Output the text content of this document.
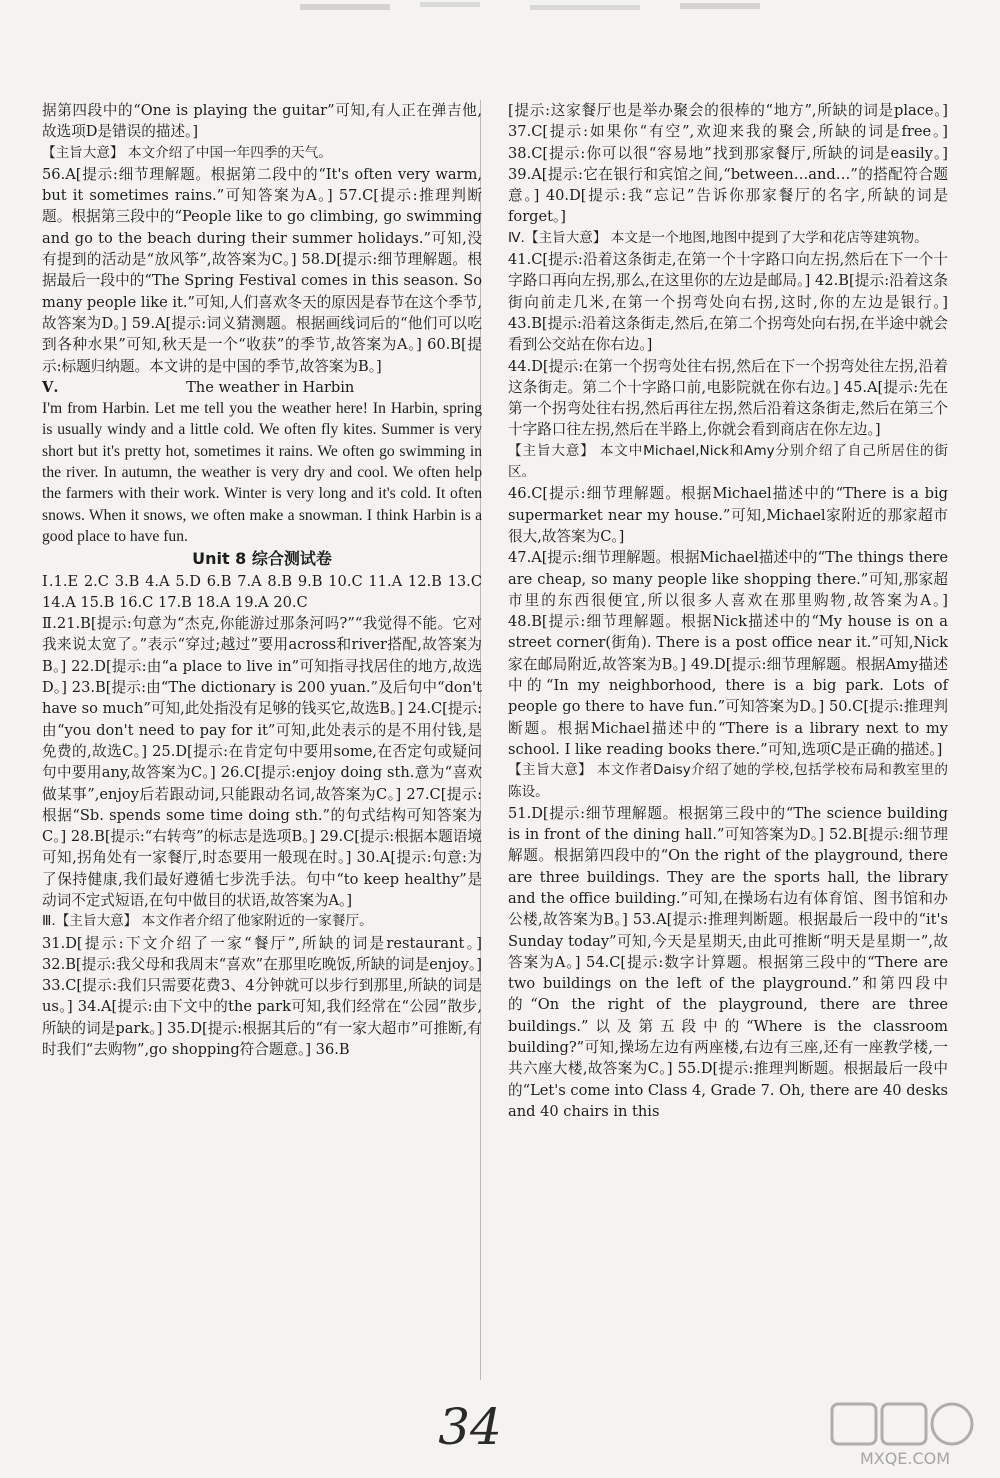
据第四段中的“One is playing the guitar”可知,有人正在弹吉他,故选项D是错误的描述。]

【主旨大意】 本文介绍了中国一年四季的天气。

56.A[提示:细节理解题。根据第二段中的“It's often very warm, but it sometimes rains.”可知答案为A。] 57.C[提示:推理判断题。根据第三段中的“People like to go climbing, go swimming and go to the beach during their summer holidays.”可知,没有提到的活动是“放风筝”,故答案为C。] 58.D[提示:细节理解题。根据最后一段中的“The Spring Festival comes in this season. So many people like it.”可知,人们喜欢冬天的原因是春节在这个季节,故答案为D。] 59.A[提示:词义猜测题。根据画线词后的“他们可以吃到各种水果”可知,秋天是一个“收获”的季节,故答案为A。] 60.B[提示:标题归纳题。本文讲的是中国的季节,故答案为B。]

Ⅴ.	The weather in Harbin

I'm from Harbin. Let me tell you the weather here! In Harbin, spring is usually windy and a little cold. We often fly kites. Summer is very short but it's pretty hot, sometimes it rains. We often go swimming in the river. In autumn, the weather is very dry and cool. We often help the farmers with their work. Winter is very long and it's cold. It often snows. When it snows, we often make a snowman. I think Harbin is a good place to have fun.

Unit 8 综合测试卷

Ⅰ.1.E 2.C 3.B 4.A 5.D 6.B 7.A 8.B 9.B 10.C 11.A 12.B 13.C 14.A 15.B 16.C 17.B 18.A 19.A 20.C

Ⅱ.21.B[提示:句意为“杰克,你能游过那条河吗?”“我觉得不能。它对我来说太宽了。”表示“穿过;越过”要用across和river搭配,故答案为B。] 22.D[提示:由“a place to live in”可知指寻找居住的地方,故选D。] 23.B[提示:由“The dictionary is 200 yuan.”及后句中“don't have so much”可知,此处指没有足够的钱买它,故选B。] 24.C[提示:由“you don't need to pay for it”可知,此处表示的是不用付钱,是免费的,故选C。] 25.D[提示:在肯定句中要用some,在否定句或疑问句中要用any,故答案为C。] 26.C[提示:enjoy doing sth.意为“喜欢做某事”,enjoy后若跟动词,只能跟动名词,故答案为C。] 27.C[提示:根据“Sb. spends some time doing sth.”的句式结构可知答案为C。] 28.B[提示:“右转弯”的标志是选项B。] 29.C[提示:根据本题语境可知,拐角处有一家餐厅,时态要用一般现在时。] 30.A[提示:句意:为了保持健康,我们最好遵循七步洗手法。句中“to keep healthy”是动词不定式短语,在句中做目的状语,故答案为A。]

Ⅲ.【主旨大意】 本文作者介绍了他家附近的一家餐厅。

31.D[提示:下文介绍了一家“餐厅”,所缺的词是restaurant。] 32.B[提示:我父母和我周末“喜欢”在那里吃晚饭,所缺的词是enjoy。] 33.C[提示:我们只需要花费3、4分钟就可以步行到那里,所缺的词是us。] 34.A[提示:由下文中的the park可知,我们经常在“公园”散步,所缺的词是park。] 35.D[提示:根据其后的“有一家大超市”可推断,有时我们“去购物”,go shopping符合题意。] 36.B

[提示:这家餐厅也是举办聚会的很棒的“地方”,所缺的词是place。] 37.C[提示:如果你“有空”,欢迎来我的聚会,所缺的词是free。] 38.C[提示:你可以很“容易地”找到那家餐厅,所缺的词是easily。] 39.A[提示:它在银行和宾馆之间,“between…and…”的搭配符合题意。] 40.D[提示:我“忘记”告诉你那家餐厅的名字,所缺的词是forget。]

Ⅳ.【主旨大意】 本文是一个地图,地图中提到了大学和花店等建筑物。

41.C[提示:沿着这条街走,在第一个十字路口向左拐,然后在下一个十字路口再向左拐,那么,在这里你的左边是邮局。] 42.B[提示:沿着这条街向前走几米,在第一个拐弯处向右拐,这时,你的左边是银行。] 43.B[提示:沿着这条街走,然后,在第二个拐弯处向右拐,在半途中就会看到公交站在你右边。]

44.D[提示:在第一个拐弯处往右拐,然后在下一个拐弯处往左拐,沿着这条街走。第二个十字路口前,电影院就在你右边。] 45.A[提示:先在第一个拐弯处往右拐,然后再往左拐,然后沿着这条街走,然后在第三个十字路口往左拐,然后在半路上,你就会看到商店在你左边。]

【主旨大意】 本文中Michael,Nick和Amy分别介绍了自己所居住的街区。

46.C[提示:细节理解题。根据Michael描述中的“There is a big supermarket near my house.”可知,Michael家附近的那家超市很大,故答案为C。]

47.A[提示:细节理解题。根据Michael描述中的“The things there are cheap, so many people like shopping there.”可知,那家超市里的东西很便宜,所以很多人喜欢在那里购物,故答案为A。] 48.B[提示:细节理解题。根据Nick描述中的“My house is on a street corner(街角). There is a post office near it.”可知,Nick家在邮局附近,故答案为B。] 49.D[提示:细节理解题。根据Amy描述中的“In my neighborhood, there is a big park. Lots of people go there to have fun.”可知答案为D。] 50.C[提示:推理判断题。根据Michael描述中的“There is a library next to my school. I like reading books there.”可知,选项C是正确的描述。]

【主旨大意】 本文作者Daisy介绍了她的学校,包括学校布局和教室里的陈设。

51.D[提示:细节理解题。根据第三段中的“The science building is in front of the dining hall.”可知答案为D。] 52.B[提示:细节理解题。根据第四段中的“On the right of the playground, there are three buildings. They are the sports hall, the library and the office building.”可知,在操场右边有体育馆、图书馆和办公楼,故答案为B。] 53.A[提示:推理判断题。根据最后一段中的“it's Sunday today”可知,今天是星期天,由此可推断“明天是星期一”,故答案为A。] 54.C[提示:数字计算题。根据第三段中的“There are two buildings on the left of the playground.”和第四段中的“On the right of the playground, there are three buildings.”以及第五段中的“Where is the classroom building?”可知,操场左边有两座楼,右边有三座,还有一座教学楼,一共六座大楼,故答案为C。] 55.D[提示:推理判断题。根据最后一段中的“Let's come into Class 4, Grade 7. Oh, there are 40 desks and 40 chairs in this

34
MXQE.COM
